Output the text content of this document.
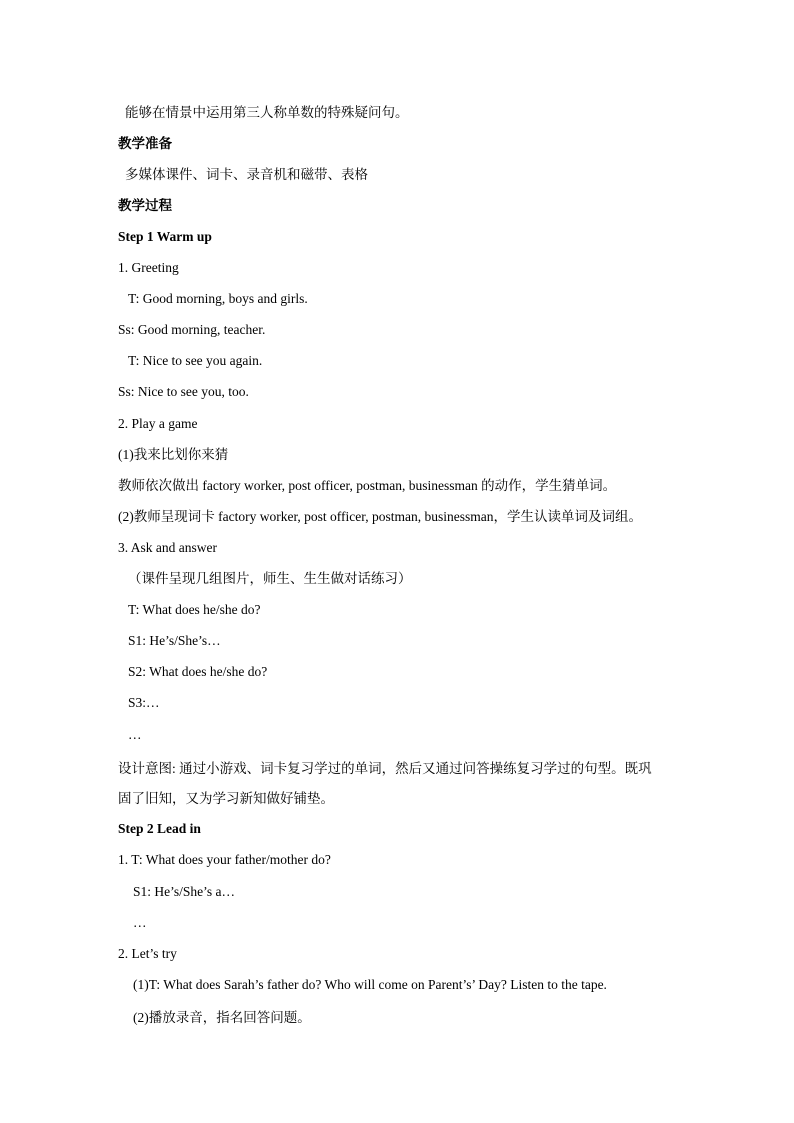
能够在情景中运用第三人称单数的特殊疑问句。
教学准备
多媒体课件、词卡、录音机和磁带、表格
教学过程
Step 1 Warm up
1. Greeting
T: Good morning, boys and girls.
Ss: Good morning, teacher.
T: Nice to see you again.
Ss: Nice to see you, too.
2. Play a game
(1)我来比划你来猜
教师依次做出 factory worker, post officer, postman, businessman 的动作，学生猜单词。
(2)教师呈现词卡 factory worker, post officer, postman, businessman，学生认读单词及词组。
3. Ask and answer
（课件呈现几组图片，师生、生生做对话练习）
T: What does he/she do?
S1: He’s/She’s…
S2: What does he/she do?
S3:…
…
设计意图: 通过小游戏、词卡复习学过的单词，然后又通过问答操练复习学过的句型。既巩
固了旧知，又为学习新知做好铺垫。
Step 2 Lead in
1. T: What does your father/mother do?
S1: He’s/She’s a…
…
2. Let’s try
(1)T: What does Sarah’s father do? Who will come on Parent’s’ Day? Listen to the tape.
(2)播放录音，指名回答问题。
